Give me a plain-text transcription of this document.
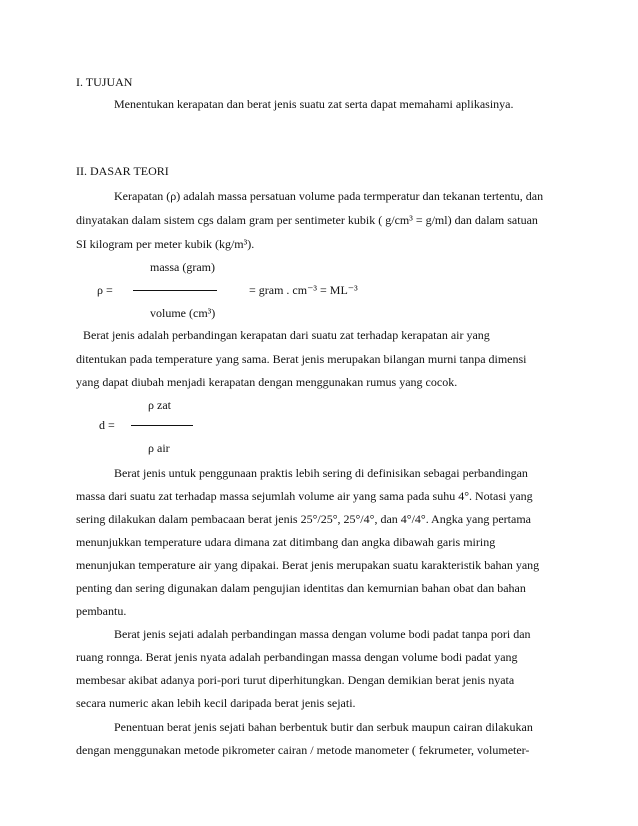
I. TUJUAN
Menentukan kerapatan dan berat jenis suatu zat serta dapat memahami aplikasinya.
II. DASAR TEORI
Kerapatan (ρ) adalah massa persatuan volume pada termperatur dan tekanan tertentu, dan
dinyatakan dalam sistem cgs dalam gram per sentimeter kubik ( g/cm³ = g/ml) dan dalam satuan
SI kilogram per meter kubik (kg/m³).
massa (gram)
ρ =	= gram . cm⁻³ = ML⁻³
volume (cm³)
Berat jenis adalah perbandingan kerapatan dari suatu zat terhadap kerapatan air yang
ditentukan pada temperature yang sama. Berat jenis merupakan bilangan murni tanpa dimensi
yang dapat diubah menjadi kerapatan dengan menggunakan rumus yang cocok.
ρ zat
d =
ρ air
Berat jenis untuk penggunaan praktis lebih sering di definisikan sebagai perbandingan
massa dari suatu zat terhadap massa sejumlah volume air yang sama pada suhu 4°. Notasi yang
sering dilakukan dalam pembacaan berat jenis 25°/25°, 25°/4°, dan 4°/4°. Angka yang pertama
menunjukkan temperature udara dimana zat ditimbang dan angka dibawah garis miring
menunjukan temperature air yang dipakai. Berat jenis merupakan suatu karakteristik bahan yang
penting dan sering digunakan dalam pengujian identitas dan kemurnian bahan obat dan bahan
pembantu.
Berat jenis sejati adalah perbandingan massa dengan volume bodi padat tanpa pori dan
ruang ronnga. Berat jenis nyata adalah perbandingan massa dengan volume bodi padat yang
membesar akibat adanya pori-pori turut diperhitungkan. Dengan demikian berat jenis nyata
secara numeric akan lebih kecil daripada berat jenis sejati.
Penentuan berat jenis sejati bahan berbentuk butir dan serbuk maupun cairan dilakukan
dengan menggunakan metode pikrometer cairan / metode manometer ( fekrumeter, volumeter-
